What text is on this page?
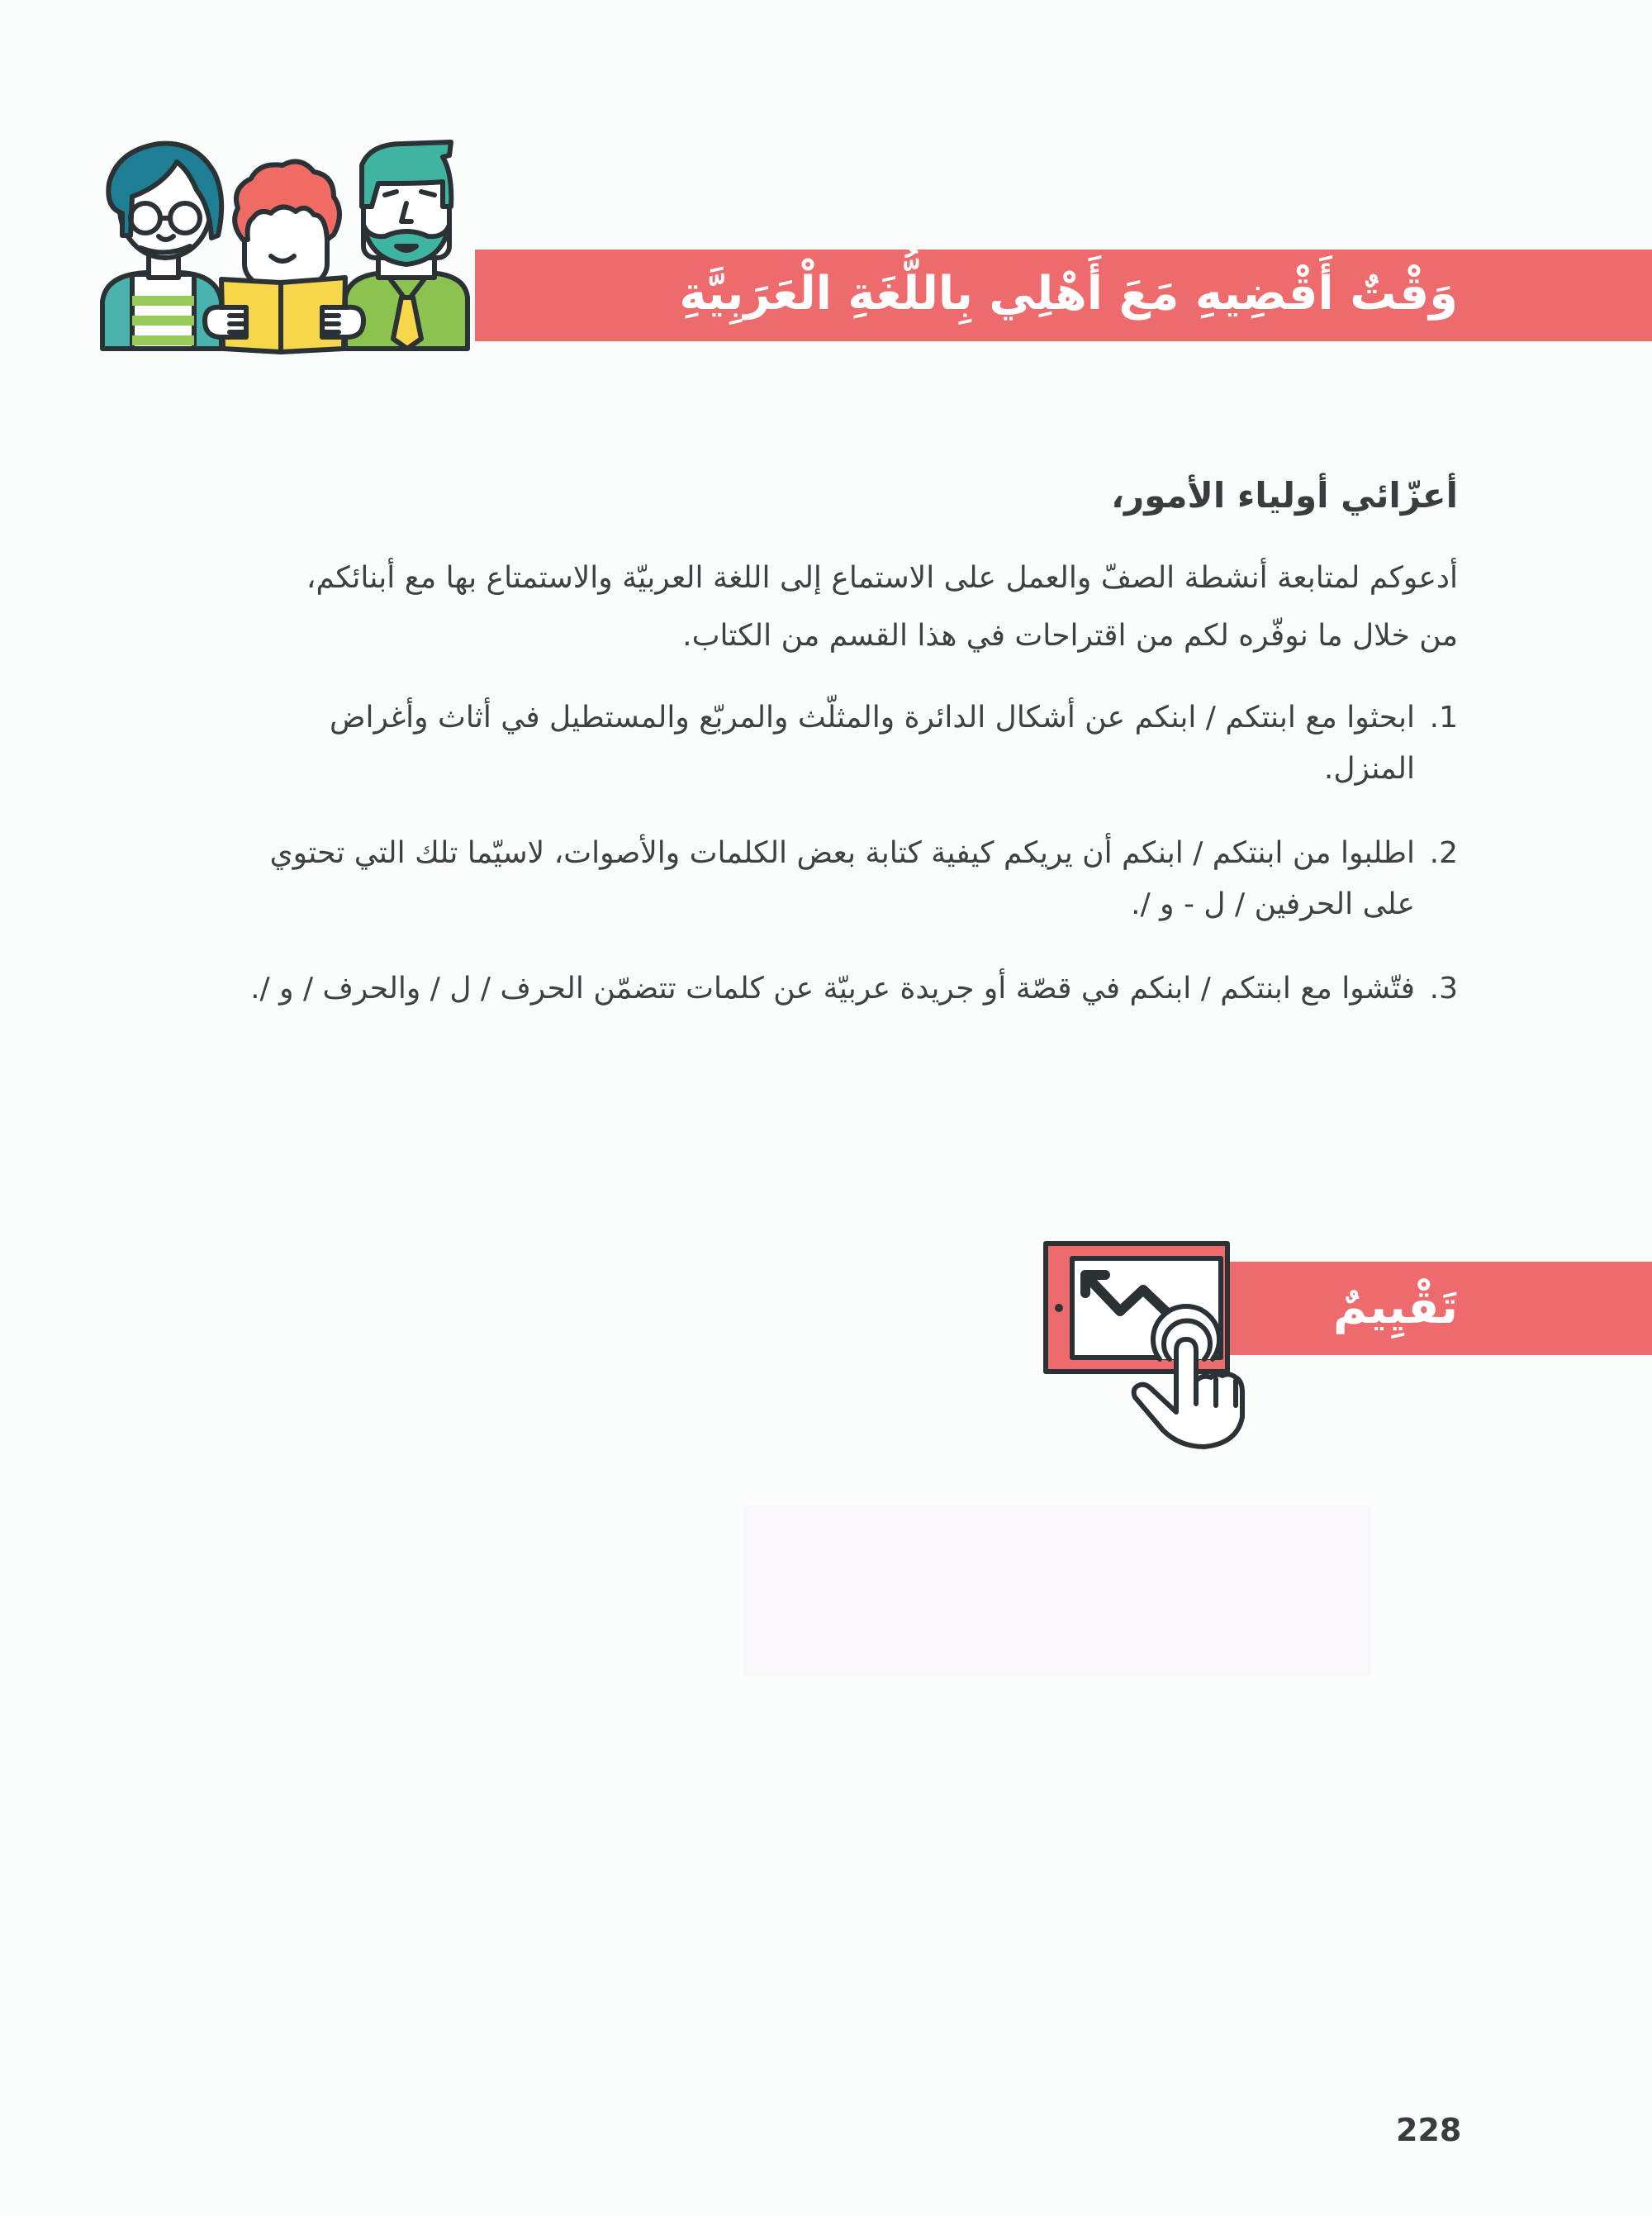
وَقْتٌ أَقْضِيهِ مَعَ أَهْلِي بِاللُّغَةِ الْعَرَبِيَّةِ
أعزّائي أولياء الأمور،
أدعوكم لمتابعة أنشطة الصفّ والعمل على الاستماع إلى اللغة العربيّة والاستمتاع بها مع أبنائكم،
من خلال ما نوفّره لكم من اقتراحات في هذا القسم من الكتاب.
1.
ابحثوا مع ابنتكم / ابنكم عن أشكال الدائرة والمثلّث والمربّع والمستطيل في أثاث وأغراض
المنزل.
2.
اطلبوا من ابنتكم / ابنكم أن يريكم كيفية كتابة بعض الكلمات والأصوات، لاسيّما تلك التي تحتوي
على الحرفين / ل - و /.
3.
فتّشوا مع ابنتكم / ابنكم في قصّة أو جريدة عربيّة عن كلمات تتضمّن الحرف / ل / والحرف / و /.
تَقْيِيمٌ
228
